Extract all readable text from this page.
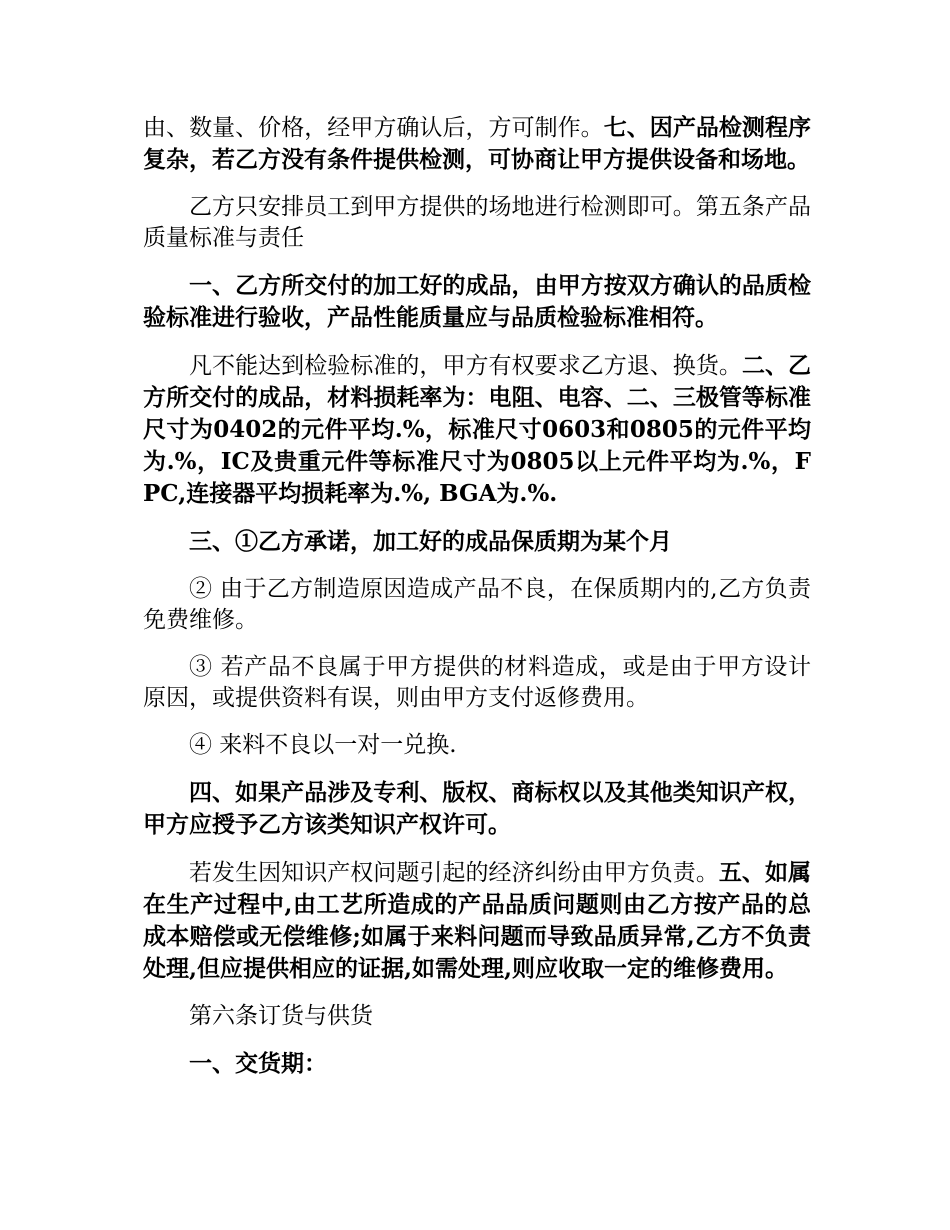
由、数量、价格，经甲方确认后，方可制作。七、因产品检测程序复杂，若乙方没有条件提供检测，可协商让甲方提供设备和场地。

乙方只安排员工到甲方提供的场地进行检测即可。第五条产品质量标准与责任

一、乙方所交付的加工好的成品，由甲方按双方确认的品质检验标准进行验收，产品性能质量应与品质检验标准相符。

凡不能达到检验标准的，甲方有权要求乙方退、换货。二、乙方所交付的成品，材料损耗率为：电阻、电容、二、三极管等标准尺寸为0402的元件平均.%，标准尺寸0603和0805的元件平均为.%，IC及贵重元件等标准尺寸为0805以上元件平均为.%，FPC,连接器平均损耗率为.%, BGA为.%.

三、①乙方承诺，加工好的成品保质期为某个月

② 由于乙方制造原因造成产品不良，在保质期内的,乙方负责免费维修。

③ 若产品不良属于甲方提供的材料造成，或是由于甲方设计原因，或提供资料有误，则由甲方支付返修费用。

④ 来料不良以一对一兑换.

四、如果产品涉及专利、版权、商标权以及其他类知识产权，甲方应授予乙方该类知识产权许可。

若发生因知识产权问题引起的经济纠纷由甲方负责。五、如属在生产过程中,由工艺所造成的产品品质问题则由乙方按产品的总成本赔偿或无偿维修;如属于来料问题而导致品质异常,乙方不负责处理,但应提供相应的证据,如需处理,则应收取一定的维修费用。

第六条订货与供货

一、交货期：
